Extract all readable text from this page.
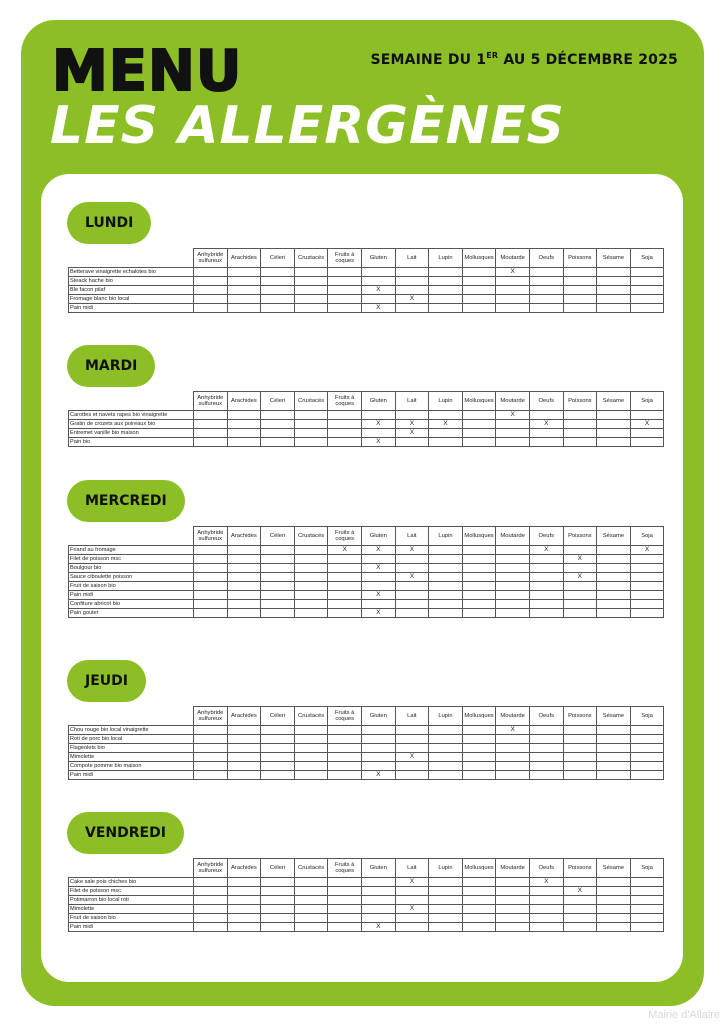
MENU
LES ALLERGÈNES
SEMAINE DU 1ER AU 5 DÉCEMBRE 2025
LUNDI
	Anhybride sulfureux	Arachides	Céleri	Crustacés	Fruits à coques	Gluten	Lait	Lupin	Mollusques	Moutarde	Oeufs	Poissons	Sésame	Soja
Betterave vinaigrette echalotes bio										X				
Steack hache bio														
Ble facon pilaf						X								
Fromage blanc bio local							X							
Pain midi						X								
MARDI
	Anhybride sulfureux	Arachides	Céleri	Crustacés	Fruits à coques	Gluten	Lait	Lupin	Mollusques	Moutarde	Oeufs	Poissons	Sésame	Soja
Carottes et navets rapes bio vinaigrette										X				
Gratin de crozets aux poireaux bio						X	X	X			X			X
Entremet vanille bio maison							X							
Pain bio						X								
MERCREDI
	Anhybride sulfureux	Arachides	Céleri	Crustacés	Fruits à coques	Gluten	Lait	Lupin	Mollusques	Moutarde	Oeufs	Poissons	Sésame	Soja
Friand au fromage					X	X	X				X			X
Filet de poisson msc												X		
Boulgour bio						X								
Sauce ciboulette poisson							X					X		
Fruit de saison bio														
Pain midi						X								
Confiture abricot bio														
Pain gouter						X								
JEUDI
	Anhybride sulfureux	Arachides	Céleri	Crustacés	Fruits à coques	Gluten	Lait	Lupin	Mollusques	Moutarde	Oeufs	Poissons	Sésame	Soja
Chou rouge bio local vinaigrette										X				
Roti de porc bio local														
Flageolets bio														
Mimolette							X							
Compote pomme bio maison														
Pain midi						X								
VENDREDI
	Anhybride sulfureux	Arachides	Céleri	Crustacés	Fruits à coques	Gluten	Lait	Lupin	Mollusques	Moutarde	Oeufs	Poissons	Sésame	Soja
Cake sale pois chiches bio							X				X			
Filet de poisson msc												X		
Potimarron bio local roti														
Mimolette							X							
Fruit de saison bio														
Pain midi						X								
Mairie d'Allaire
